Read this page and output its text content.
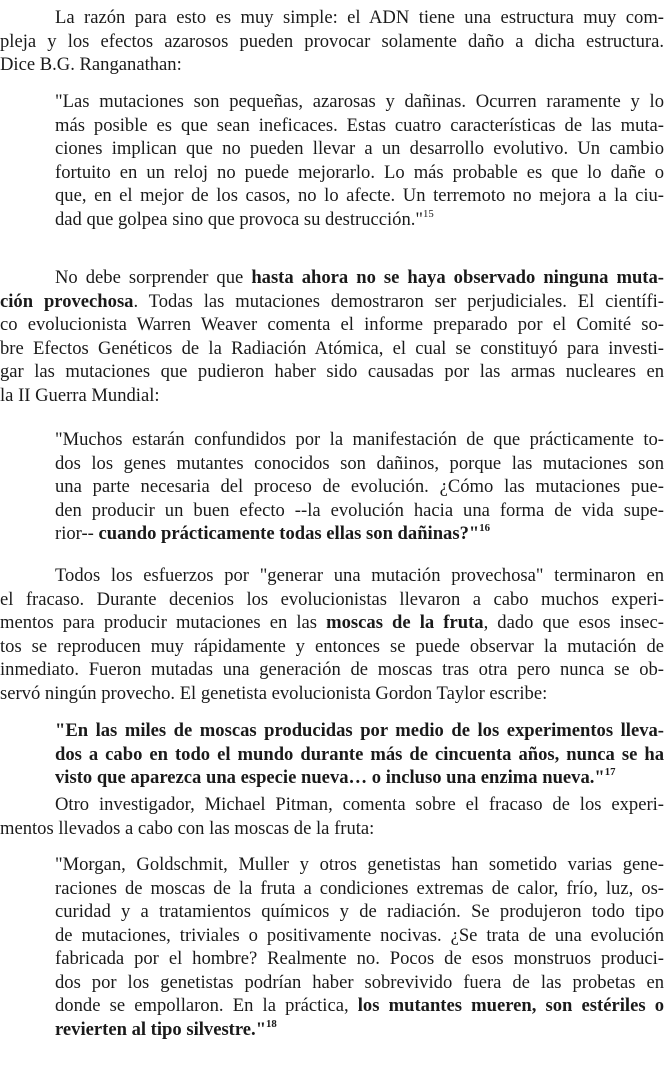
La razón para esto es muy simple: el ADN tiene una estructura muy com-
pleja y los efectos azarosos pueden provocar solamente daño a dicha estructura.
Dice B.G. Ranganathan:
"Las mutaciones son pequeñas, azarosas y dañinas. Ocurren raramente y lo
más posible es que sean ineficaces. Estas cuatro características de las muta-
ciones implican que no pueden llevar a un desarrollo evolutivo. Un cambio
fortuito en un reloj no puede mejorarlo. Lo más probable es que lo dañe o
que, en el mejor de los casos, no lo afecte. Un terremoto no mejora a la ciu-
dad que golpea sino que provoca su destrucción."$^{15}$
No debe sorprender que hasta ahora no se haya observado ninguna muta-
ción provechosa. Todas las mutaciones demostraron ser perjudiciales. El científi-
co evolucionista Warren Weaver comenta el informe preparado por el Comité so-
bre Efectos Genéticos de la Radiación Atómica, el cual se constituyó para investi-
gar las mutaciones que pudieron haber sido causadas por las armas nucleares en
la II Guerra Mundial:
"Muchos estarán confundidos por la manifestación de que prácticamente to-
dos los genes mutantes conocidos son dañinos, porque las mutaciones son
una parte necesaria del proceso de evolución. ¿Cómo las mutaciones pue-
den producir un buen efecto --la evolución hacia una forma de vida supe-
rior-- cuando prácticamente todas ellas son dañinas?"$^{16}$
Todos los esfuerzos por "generar una mutación provechosa" terminaron en
el fracaso. Durante decenios los evolucionistas llevaron a cabo muchos experi-
mentos para producir mutaciones en las moscas de la fruta, dado que esos insec-
tos se reproducen muy rápidamente y entonces se puede observar la mutación de
inmediato. Fueron mutadas una generación de moscas tras otra pero nunca se ob-
servó ningún provecho. El genetista evolucionista Gordon Taylor escribe:
"En las miles de moscas producidas por medio de los experimentos lleva-
dos a cabo en todo el mundo durante más de cincuenta años, nunca se ha
visto que aparezca una especie nueva… o incluso una enzima nueva."$^{17}$
Otro investigador, Michael Pitman, comenta sobre el fracaso de los experi-
mentos llevados a cabo con las moscas de la fruta:
"Morgan, Goldschmit, Muller y otros genetistas han sometido varias gene-
raciones de moscas de la fruta a condiciones extremas de calor, frío, luz, os-
curidad y a tratamientos químicos y de radiación. Se produjeron todo tipo
de mutaciones, triviales o positivamente nocivas. ¿Se trata de una evolución
fabricada por el hombre? Realmente no. Pocos de esos monstruos produci-
dos por los genetistas podrían haber sobrevivido fuera de las probetas en
donde se empollaron. En la práctica, los mutantes mueren, son estériles o
revierten al tipo silvestre."$^{18}$
